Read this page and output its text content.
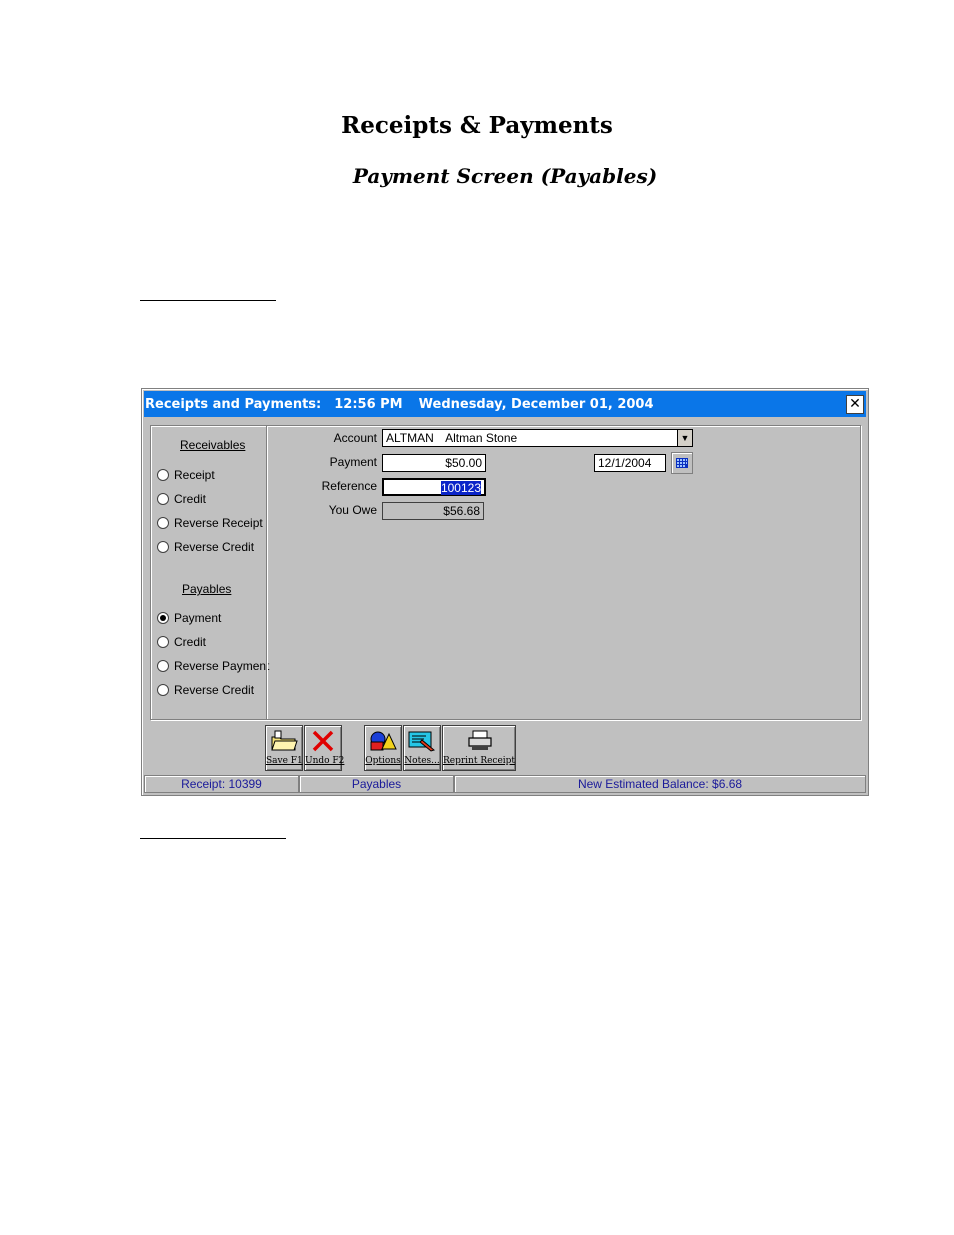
Receipts & Payments
Payment Screen (Payables)
Receipts and Payments: 12:56 PM Wednesday, December 01, 2004	✕
Receivables
Receipt
Credit
Reverse Receipt
Reverse Credit
Payables
Payment
Credit
Reverse Payment
Reverse Credit
Account ALTMAN Altman Stone	▼
Payment	$50.00	12/1/2004
Reference	100123
You Owe	$56.68
Save F1 Undo F2 Options Notes... Reprint Receipt
Receipt: 10399	Payables	New Estimated Balance: $6.68
